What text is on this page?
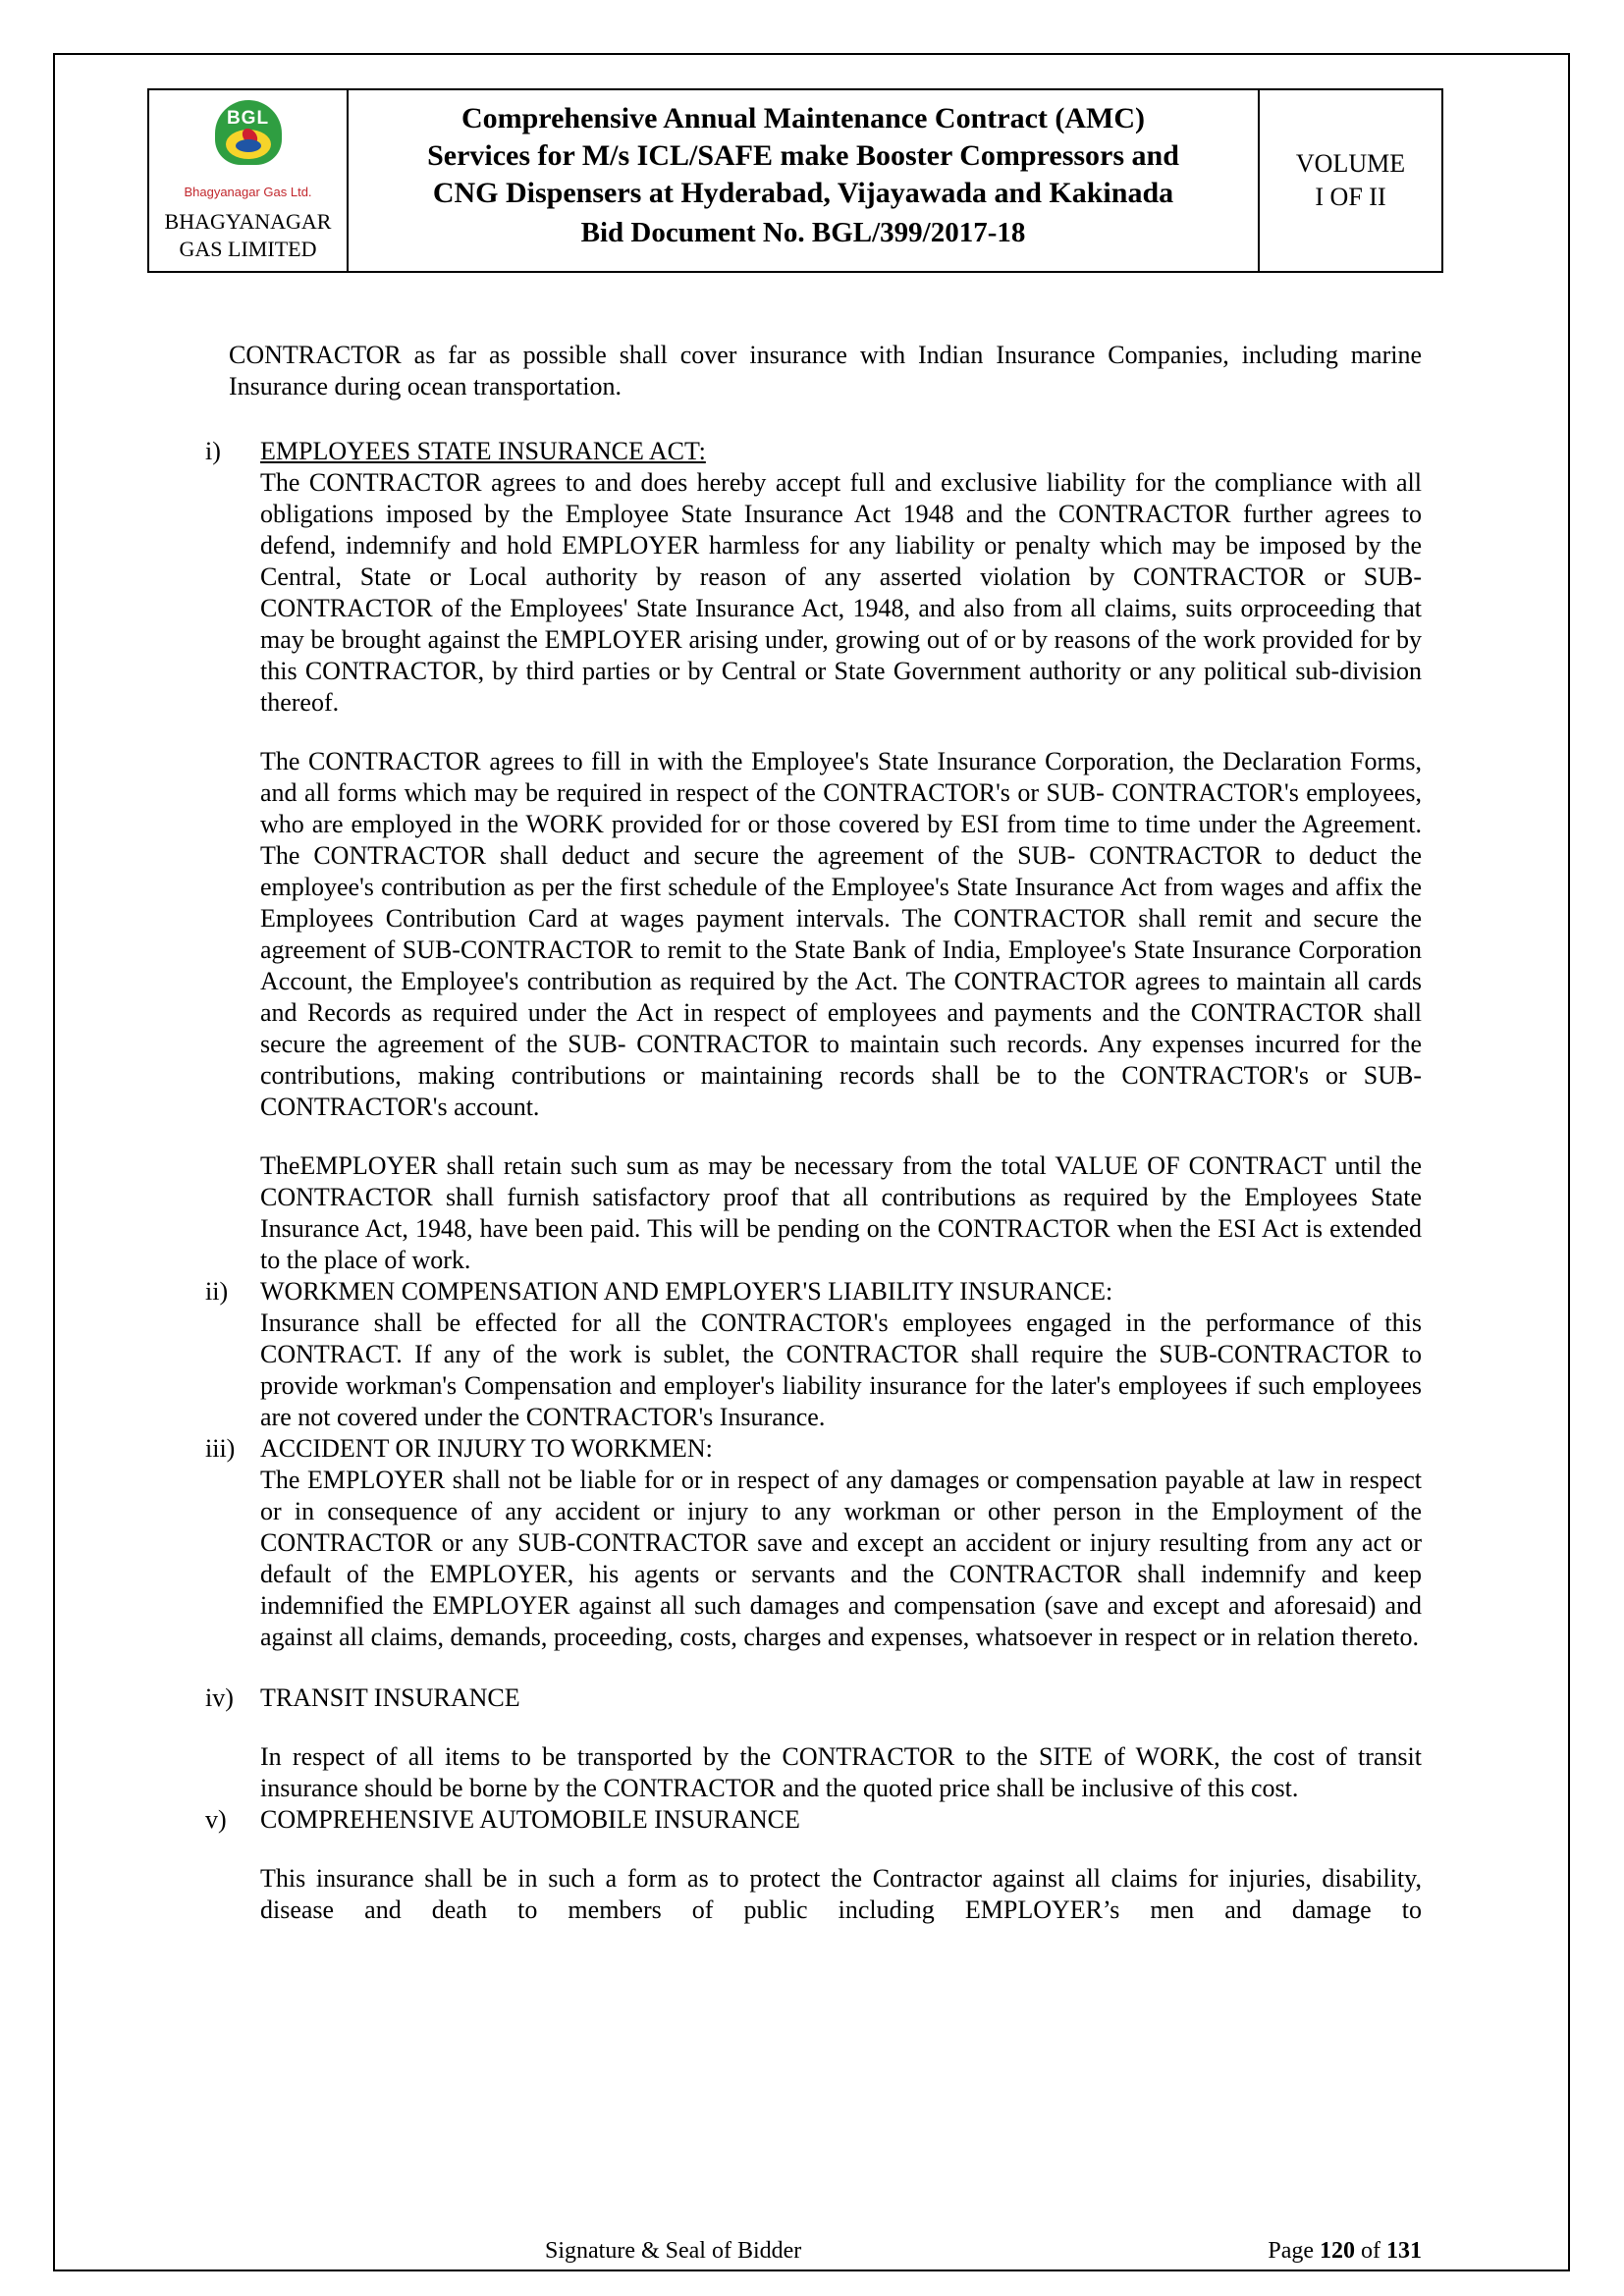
BGL
Bhagyanagar Gas Ltd.
BHAGYANAGAR
GAS LIMITED
Comprehensive Annual Maintenance Contract (AMC) Services for M/s ICL/SAFE make Booster Compressors and CNG Dispensers at Hyderabad, Vijayawada and Kakinada
Bid Document No. BGL/399/2017-18
VOLUME
I OF II

CONTRACTOR as far as possible shall cover insurance with Indian Insurance Companies, including marine Insurance during ocean transportation.

i)	EMPLOYEES STATE INSURANCE ACT:

The CONTRACTOR agrees to and does hereby accept full and exclusive liability for the compliance with all obligations imposed by the Employee State Insurance Act 1948 and the CONTRACTOR further agrees to defend, indemnify and hold EMPLOYER harmless for any liability or penalty which may be imposed by the Central, State or Local authority by reason of any asserted violation by CONTRACTOR or SUB-CONTRACTOR of the Employees' State Insurance Act, 1948, and also from all claims, suits orproceeding that may be brought against the EMPLOYER arising under, growing out of or by reasons of the work provided for by this CONTRACTOR, by third parties or by Central or State Government authority or any political sub-division thereof.

The CONTRACTOR agrees to fill in with the Employee's State Insurance Corporation, the Declaration Forms, and all forms which may be required in respect of the CONTRACTOR's or SUB- CONTRACTOR's employees, who are employed in the WORK provided for or those covered by ESI from time to time under the Agreement. The CONTRACTOR shall deduct and secure the agreement of the SUB- CONTRACTOR to deduct the employee's contribution as per the first schedule of the Employee's State Insurance Act from wages and affix the Employees Contribution Card at wages payment intervals. The CONTRACTOR shall remit and secure the agreement of SUB-CONTRACTOR to remit to the State Bank of India, Employee's State Insurance Corporation Account, the Employee's contribution as required by the Act. The CONTRACTOR agrees to maintain all cards and Records as required under the Act in respect of employees and payments and the CONTRACTOR shall secure the agreement of the SUB- CONTRACTOR to maintain such records. Any expenses incurred for the contributions, making contributions or maintaining records shall be to the CONTRACTOR's or SUB-CONTRACTOR's account.

TheEMPLOYER shall retain such sum as may be necessary from the total VALUE OF CONTRACT until the CONTRACTOR shall furnish satisfactory proof that all contributions as required by the Employees State Insurance Act, 1948, have been paid. This will be pending on the CONTRACTOR when the ESI Act is extended to the place of work.

ii)	WORKMEN COMPENSATION AND EMPLOYER'S LIABILITY INSURANCE:

Insurance shall be effected for all the CONTRACTOR's employees engaged in the performance of this CONTRACT. If any of the work is sublet, the CONTRACTOR shall require the SUB-CONTRACTOR to provide workman's Compensation and employer's liability insurance for the later's employees if such employees are not covered under the CONTRACTOR's Insurance.

iii) ACCIDENT OR INJURY TO WORKMEN:

The EMPLOYER shall not be liable for or in respect of any damages or compensation payable at law in respect or in consequence of any accident or injury to any workman or other person in the Employment of the CONTRACTOR or any SUB-CONTRACTOR save and except an accident or injury resulting from any act or default of the EMPLOYER, his agents or servants and the CONTRACTOR shall indemnify and keep indemnified the EMPLOYER against all such damages and compensation (save and except and aforesaid) and against all claims, demands, proceeding, costs, charges and expenses, whatsoever in respect or in relation thereto.

iv)	TRANSIT INSURANCE

In respect of all items to be transported by the CONTRACTOR to the SITE of WORK, the cost of transit insurance should be borne by the CONTRACTOR and the quoted price shall be inclusive of this cost.

v)	COMPREHENSIVE AUTOMOBILE INSURANCE

This insurance shall be in such a form as to protect the Contractor against all claims for injuries, disability, disease and death to members of public including EMPLOYER’s men and damage to

Signature & Seal of Bidder	Page 120 of 131
